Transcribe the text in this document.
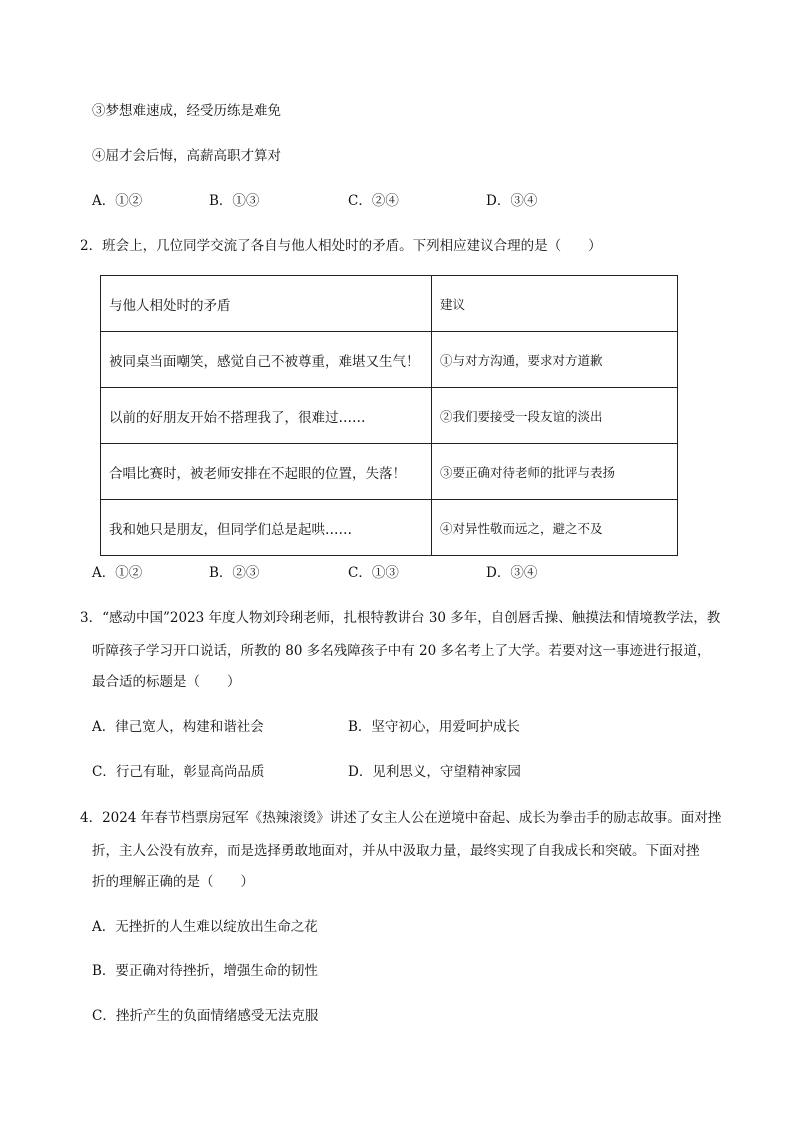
③梦想难速成，经受历练是难免
④屈才会后悔，高薪高职才算对
A．①②	B．①③	C．②④	D．③④
2．班会上，几位同学交流了各自与他人相处时的矛盾。下列相应建议合理的是（　　）
与他人相处时的矛盾	建议
被同桌当面嘲笑，感觉自己不被尊重，难堪又生气！	①与对方沟通，要求对方道歉
以前的好朋友开始不搭理我了，很难过……	②我们要接受一段友谊的淡出
合唱比赛时，被老师安排在不起眼的位置，失落！	③要正确对待老师的批评与表扬
我和她只是朋友，但同学们总是起哄……	④对异性敬而远之，避之不及
A．①②	B．②③	C．①③	D．③④
3．“感动中国”2023 年度人物刘玲琍老师，扎根特教讲台 30 多年，自创唇舌操、触摸法和情境教学法，教
听障孩子学习开口说话，所教的 80 多名残障孩子中有 20 多名考上了大学。若要对这一事迹进行报道，
最合适的标题是（　　）
A．律己宽人，构建和谐社会	B．坚守初心，用爱呵护成长
C．行己有耻，彰显高尚品质	D．见利思义，守望精神家园
4．2024 年春节档票房冠军《热辣滚烫》讲述了女主人公在逆境中奋起、成长为拳击手的励志故事。面对挫
折，主人公没有放弃，而是选择勇敢地面对，并从中汲取力量，最终实现了自我成长和突破。下面对挫
折的理解正确的是（　　）
A．无挫折的人生难以绽放出生命之花
B．要正确对待挫折，增强生命的韧性
C．挫折产生的负面情绪感受无法克服
